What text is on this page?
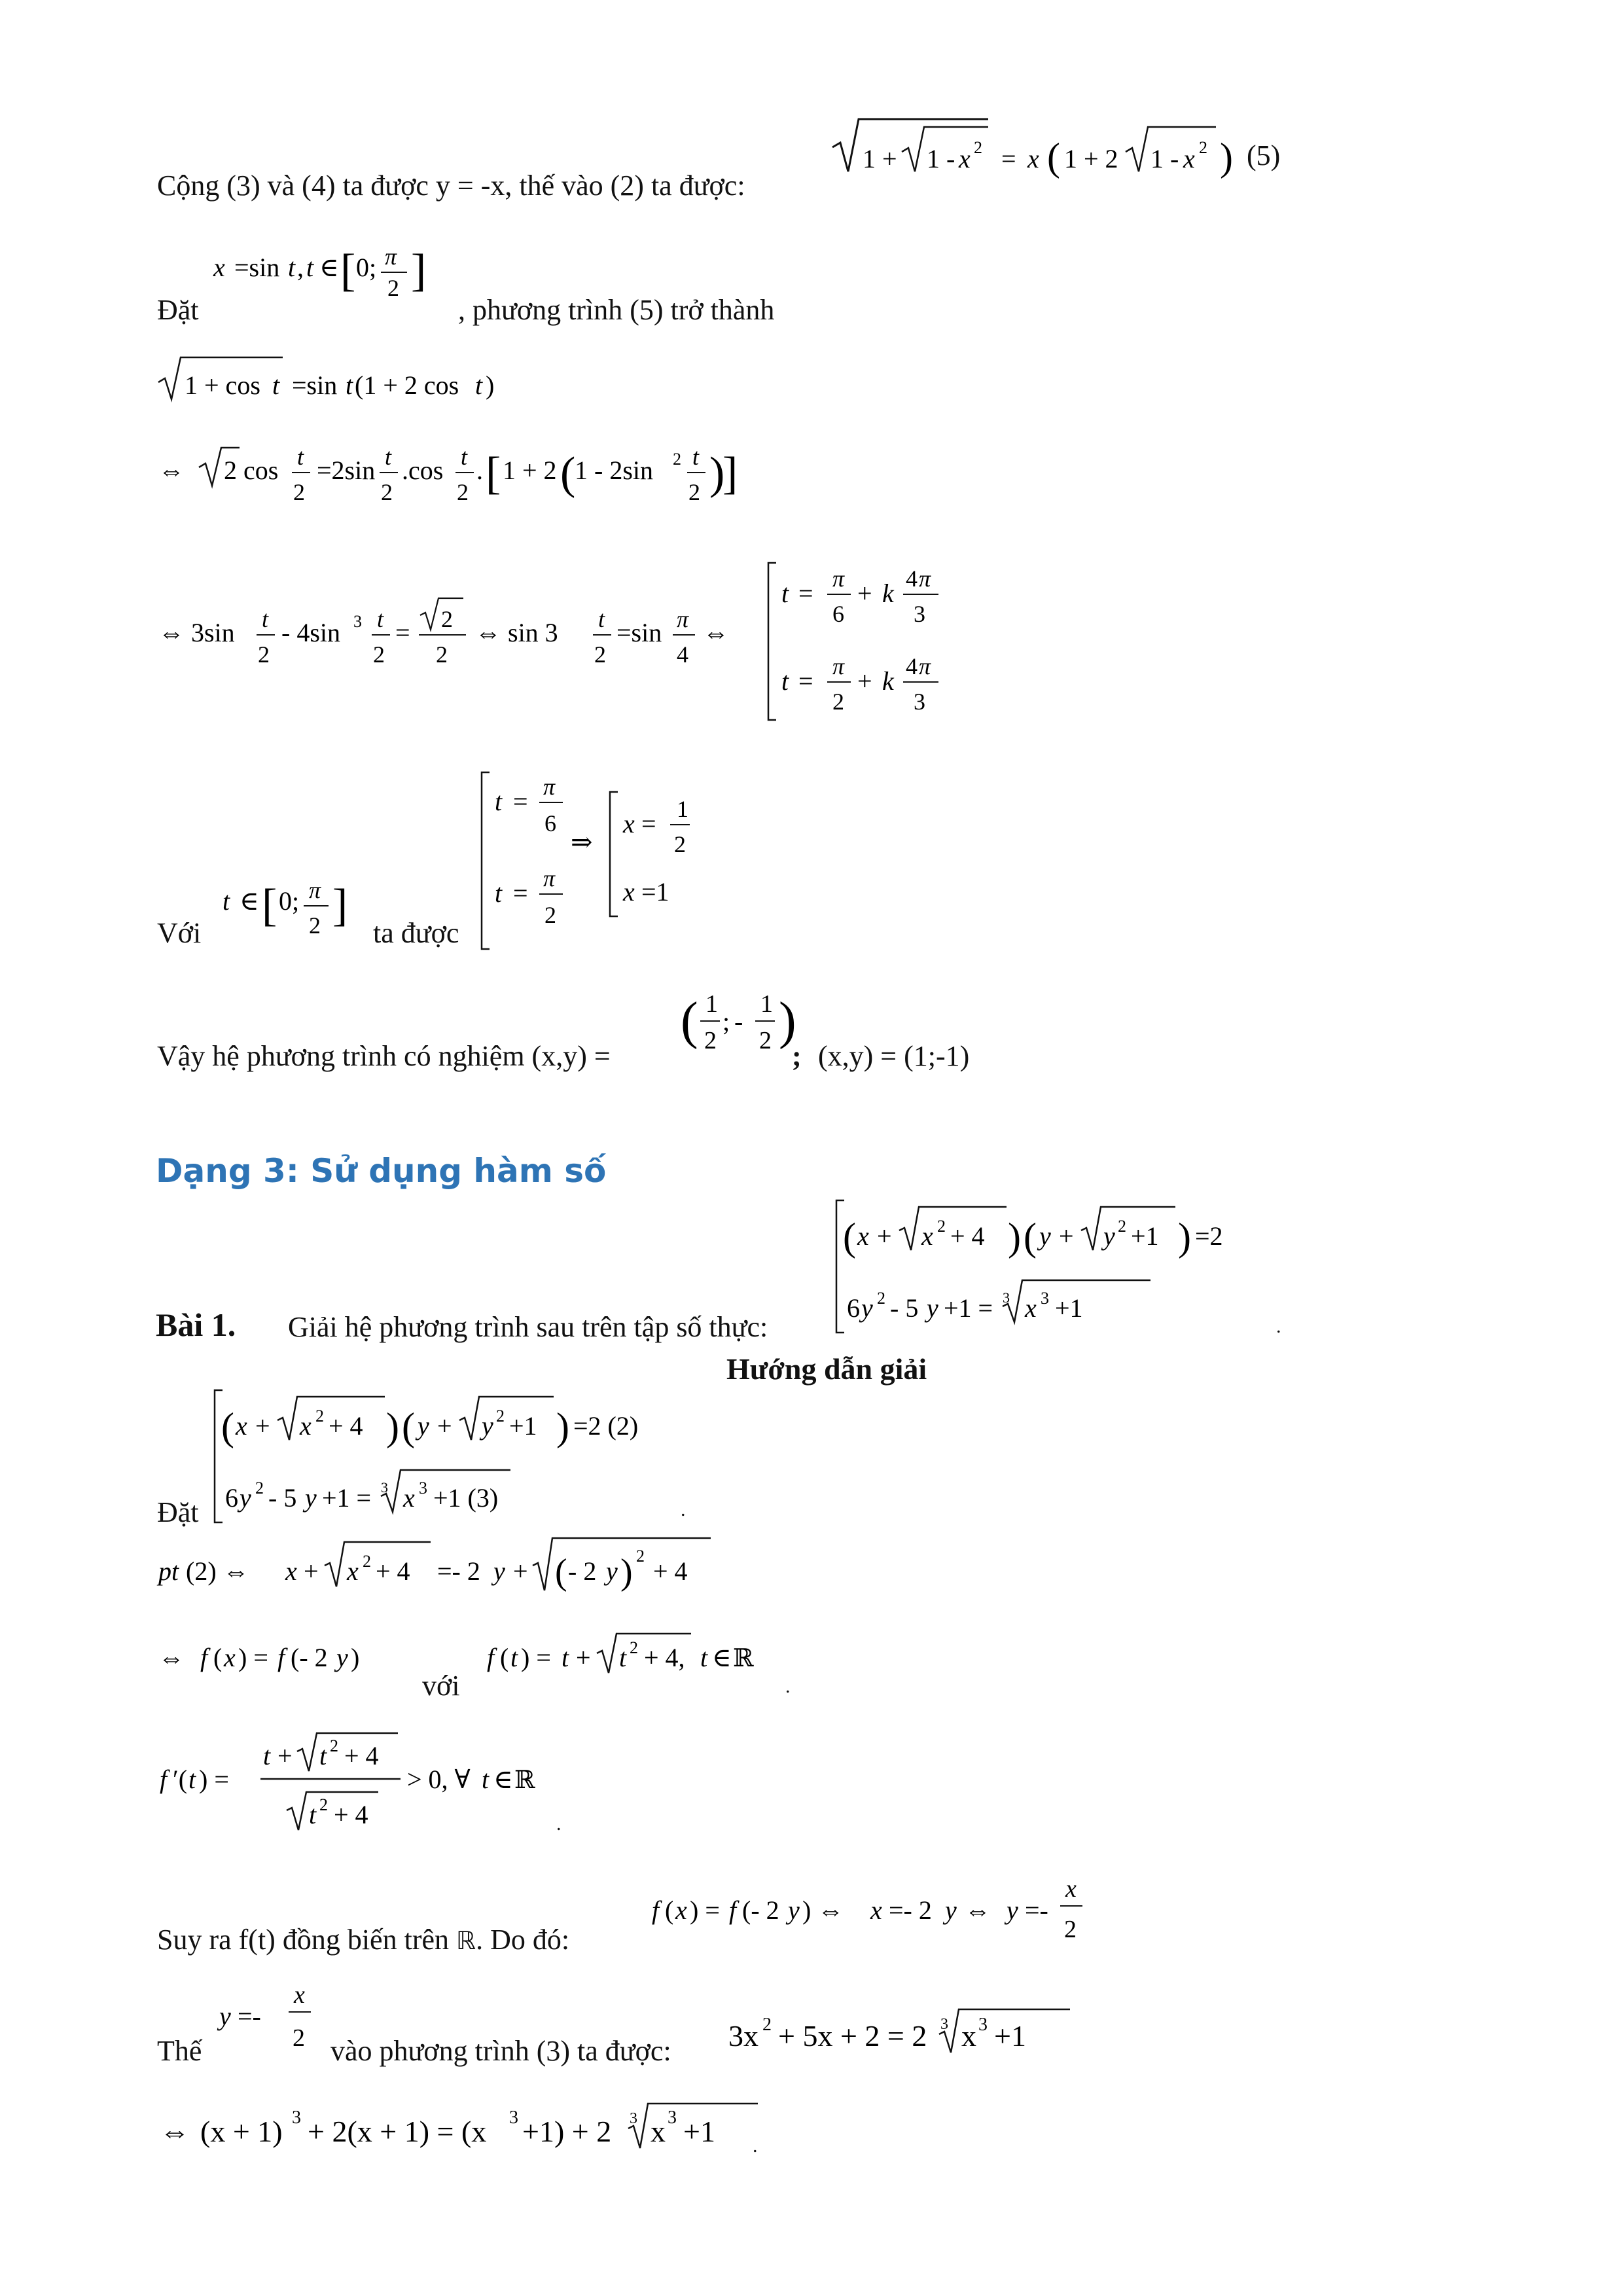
Cộng (3) và (4) ta được y = -x, thế vào (2) ta được:
1 + 1 - x 2 = x ( 1 + 2 1 - x 2 ) (5)
Đặt
x =sin t , t ∈ [ 0; π
2 ]
, phương trình (5) trở thành
1 + cos t =sin t (1 + 2 cos t )
⇔ 2 cos t
2
=2sin t
2
.cos t
2
. [ 1 + 2 (
1 - 2sin 2 t
2 )
]
⇔ 3sin t
2
- 4sin 3 t
2
= 2
2
⇔ sin 3 t
2
=sin π
4
⇔
t = π
6
+ k 4 π
3
t = π
2
+ k 4 π
3
Với
t ∈ [ 0; π
2 ]
t = π
6
t = π
2
⇒
x = 1
2
x =1
ta được
Vậy hệ phương trình có nghiệm (x,y) =
( 1
2
; -
1
2 )
; (x,y) = (1;-1)
Dạng 3: Sử dụng hàm số
Bài 1. Giải hệ phương trình sau trên tập số thực:
( x + x 2 + 4 ) ( y + y 2 +1 ) =2
6 y 2 - 5 y +1 = 3 x 3 +1
.
Hướng dẫn giải
Đặt
( x + x 2 + 4 ) ( y + y 2 +1 ) =2 (2)
6 y 2 - 5 y +1 = 3 x 3 +1 (3)	.
pt (2) ⇔ x + x 2 + 4 =- 2 y + ( - 2 y ) 2
+ 4
⇔ f ( x ) = f (- 2 y )
với
f ( t ) = t + t 2 + 4, t ∈ ℝ
.
f ′( t ) =
t + t 2 + 4
t 2 + 4
> 0, ∀ t ∈ ℝ
.
Suy ra f(t) đồng biến trên ℝ. Do đó:
f ( x ) = f (- 2 y ) ⇔ x =- 2 y ⇔ y =-
x
2
Thế
y =-
x
2 vào phương trình (3) ta được: 3x 2 + 5x + 2 = 2 3 x 3 +1
⇔ (x + 1) 3 + 2(x + 1) = (x 3 +1) + 2 3 x 3 +1 .
